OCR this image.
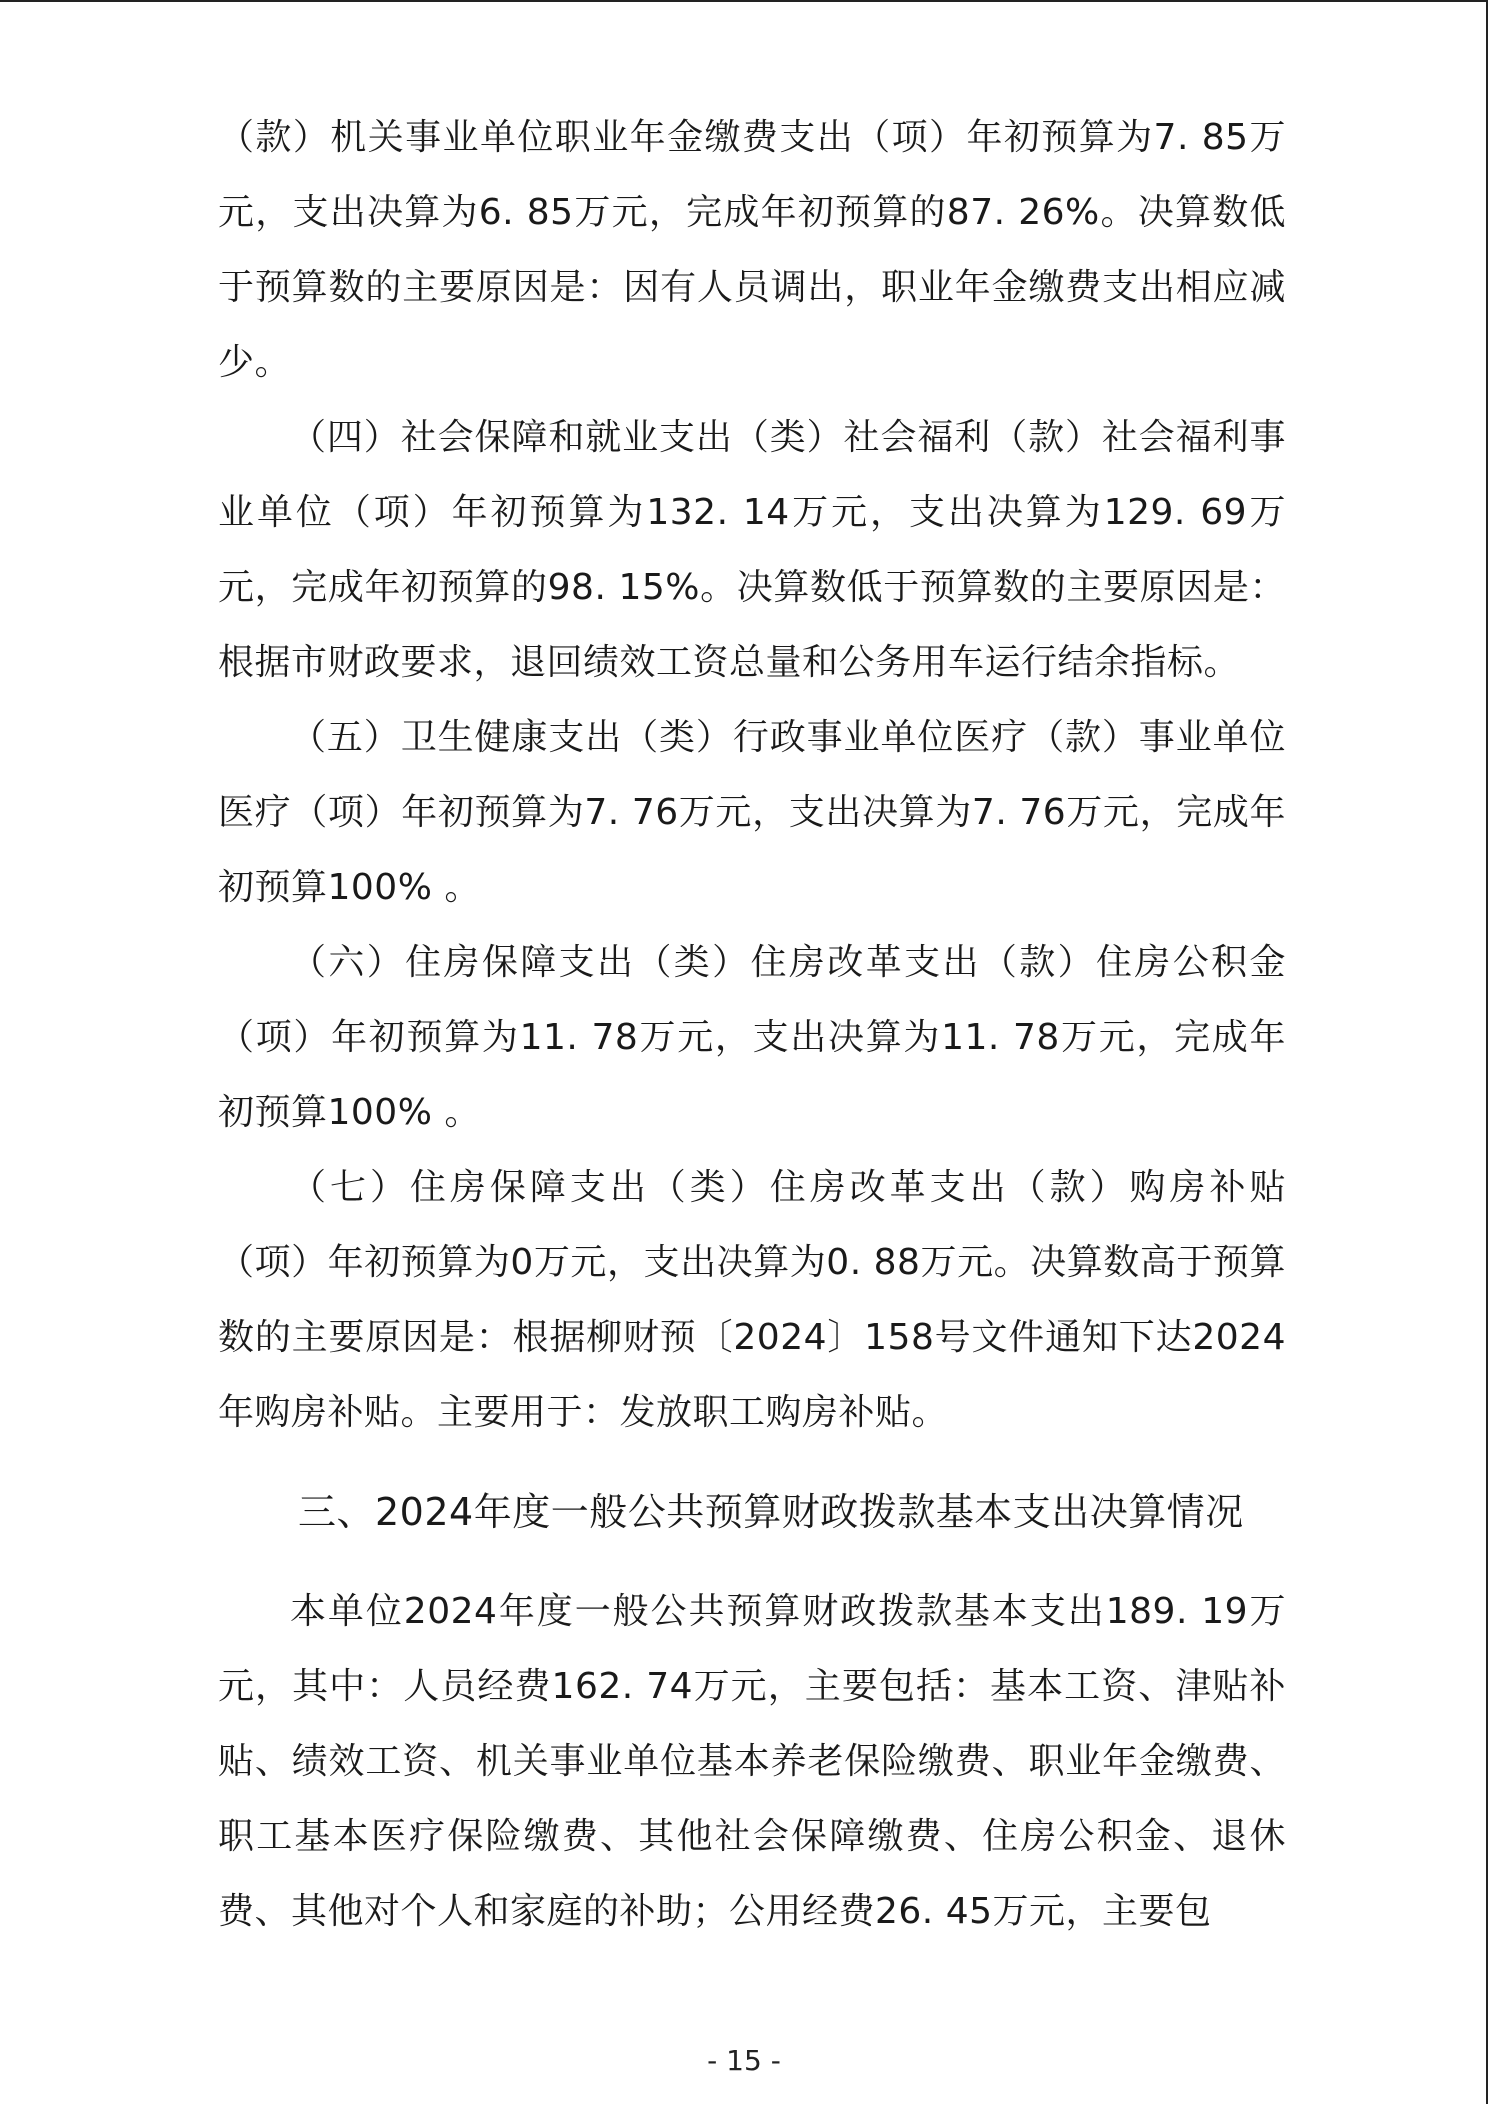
（款）机关事业单位职业年金缴费支出（项）年初预算为7. 85万元，支出决算为6. 85万元，完成年初预算的87. 26%。决算数低于预算数的主要原因是：因有人员调出，职业年金缴费支出相应减少。

（四）社会保障和就业支出（类）社会福利（款）社会福利事业单位（项）年初预算为132. 14万元，支出决算为129. 69万元，完成年初预算的98. 15%。决算数低于预算数的主要原因是：根据市财政要求，退回绩效工资总量和公务用车运行结余指标。

（五）卫生健康支出（类）行政事业单位医疗（款）事业单位医疗（项）年初预算为7. 76万元，支出决算为7. 76万元，完成年初预算100% 。

（六）住房保障支出（类）住房改革支出（款）住房公积金（项）年初预算为11. 78万元，支出决算为11. 78万元，完成年初预算100% 。

（七）住房保障支出（类）住房改革支出（款）购房补贴（项）年初预算为0万元，支出决算为0. 88万元。决算数高于预算数的主要原因是：根据柳财预〔2024〕158号文件通知下达2024年购房补贴。主要用于：发放职工购房补贴。

三、2024年度一般公共预算财政拨款基本支出决算情况

本单位2024年度一般公共预算财政拨款基本支出189. 19万元，其中：人员经费162. 74万元，主要包括：基本工资、津贴补贴、绩效工资、机关事业单位基本养老保险缴费、职业年金缴费、职工基本医疗保险缴费、其他社会保障缴费、住房公积金、退休费、其他对个人和家庭的补助；公用经费26. 45万元，主要包

- 15 -
